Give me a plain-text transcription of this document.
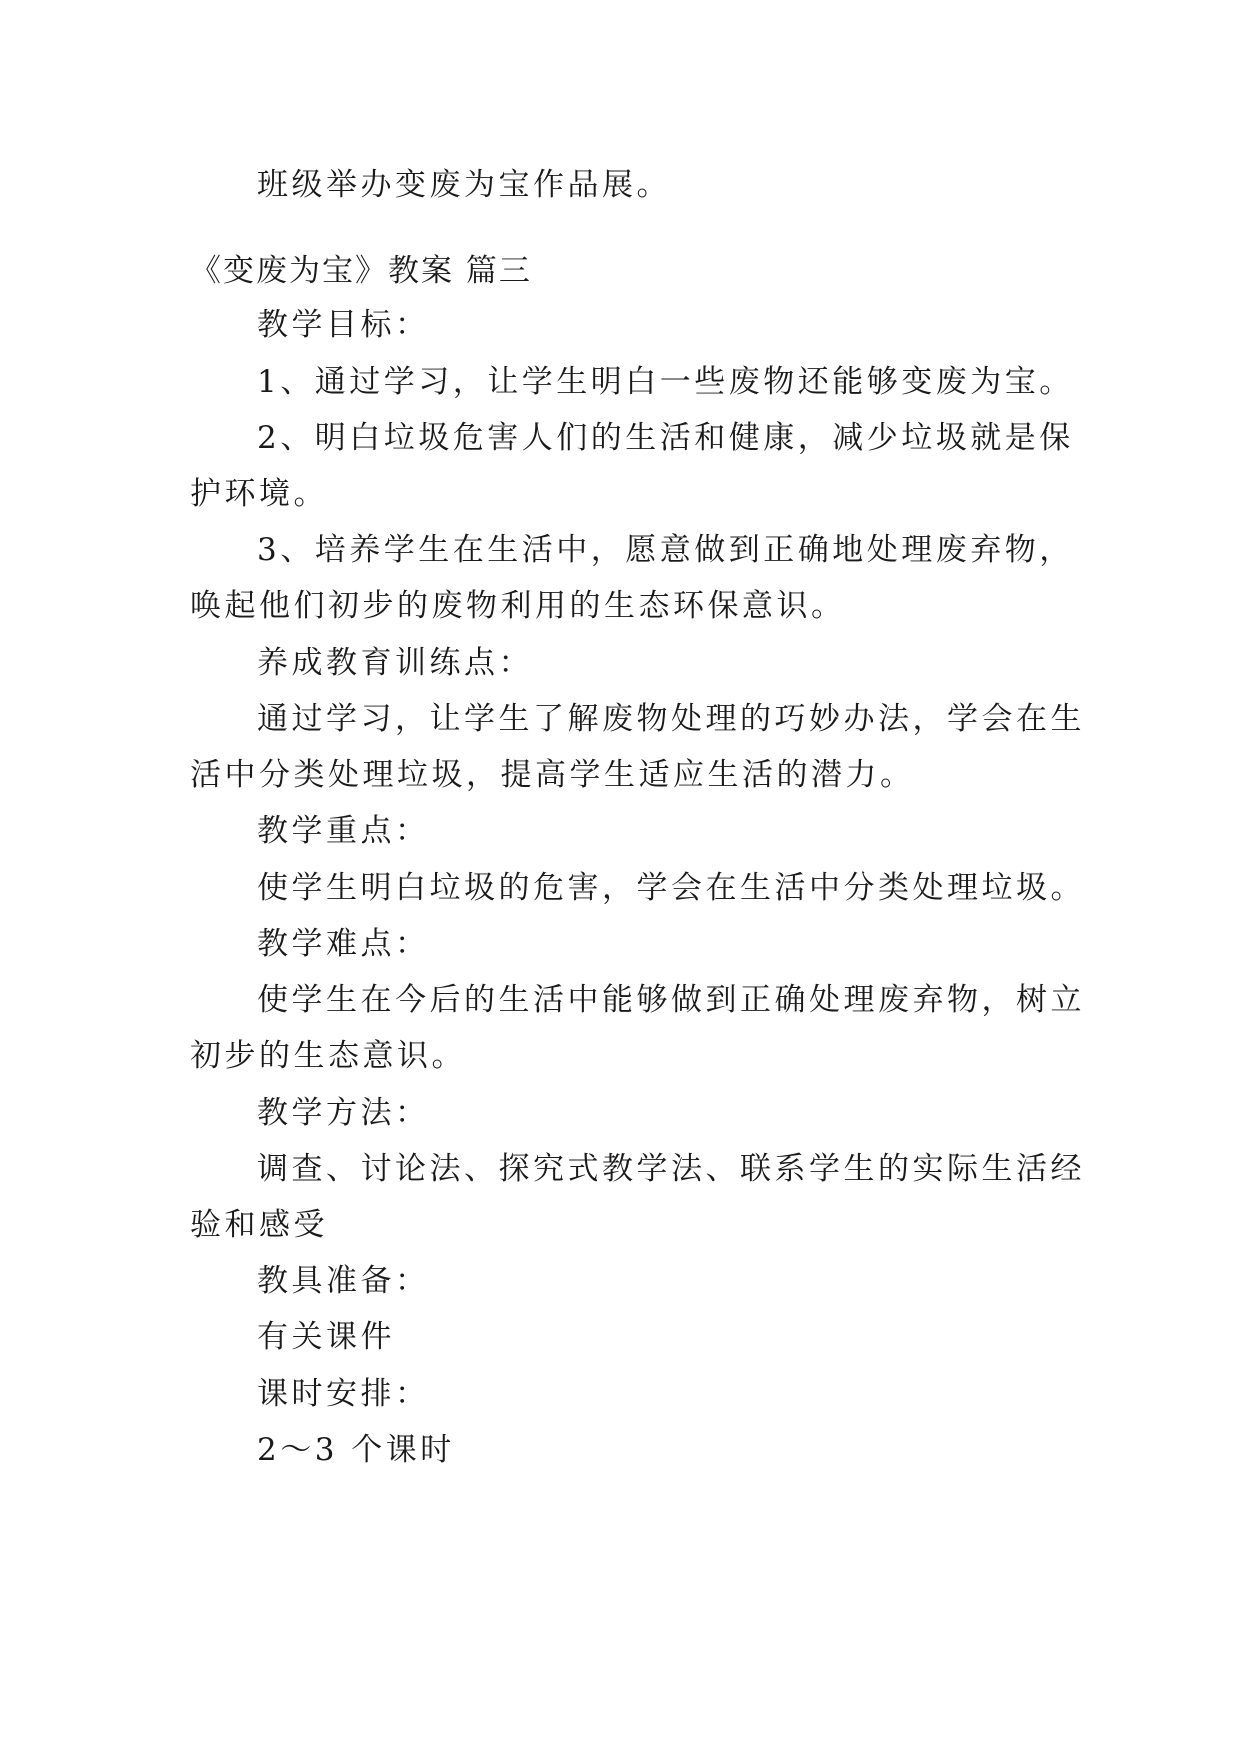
班级举办变废为宝作品展。
《变废为宝》教案 篇三
教学目标：
1、通过学习，让学生明白一些废物还能够变废为宝。
2、明白垃圾危害人们的生活和健康，减少垃圾就是保
护环境。
3、培养学生在生活中，愿意做到正确地处理废弃物，
唤起他们初步的废物利用的生态环保意识。
养成教育训练点：
通过学习，让学生了解废物处理的巧妙办法，学会在生
活中分类处理垃圾，提高学生适应生活的潜力。
教学重点：
使学生明白垃圾的危害，学会在生活中分类处理垃圾。
教学难点：
使学生在今后的生活中能够做到正确处理废弃物，树立
初步的生态意识。
教学方法：
调查、讨论法、探究式教学法、联系学生的实际生活经
验和感受
教具准备：
有关课件
课时安排：
2～3 个课时
